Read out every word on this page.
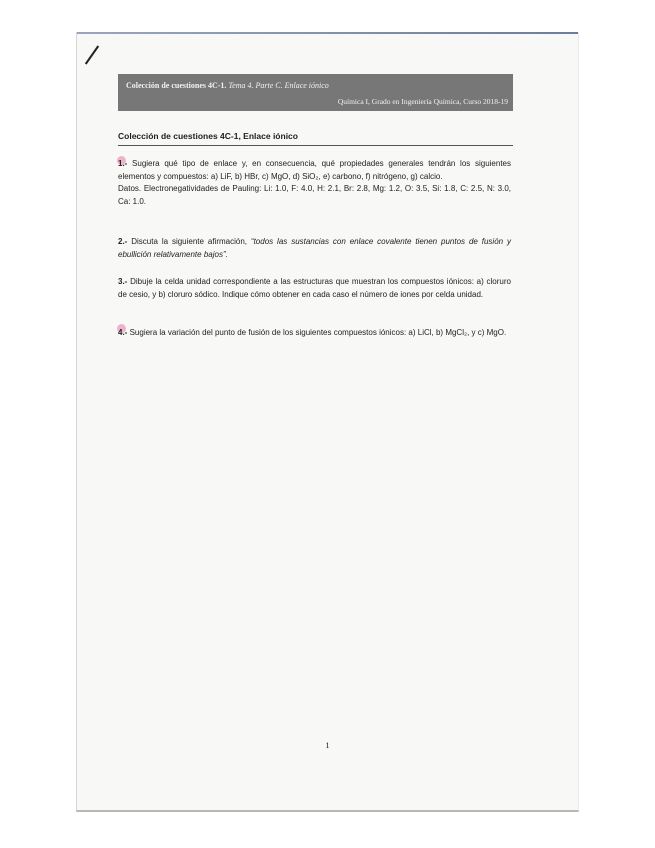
Colección de cuestiones 4C-1. Tema 4. Parte C. Enlace iónico
Química I, Grado en Ingeniería Química, Curso 2018-19
Colección de cuestiones 4C-1, Enlace iónico
1.- Sugiera qué tipo de enlace y, en consecuencia, qué propiedades generales tendrán los siguientes elementos y compuestos: a) LiF, b) HBr, c) MgO, d) SiO₂, e) carbono, f) nitrógeno, g) calcio.
Datos. Electronegatividades de Pauling: Li: 1.0, F: 4.0, H: 2.1, Br: 2.8, Mg: 1.2, O: 3.5, Si: 1.8, C: 2.5, N: 3.0, Ca: 1.0.
2.- Discuta la siguiente afirmación, “todos las sustancias con enlace covalente tienen puntos de fusión y ebullición relativamente bajos”.
3.- Dibuje la celda unidad correspondiente a las estructuras que muestran los compuestos iónicos: a) cloruro de cesio, y b) cloruro sódico. Indique cómo obtener en cada caso el número de iones por celda unidad.
4.- Sugiera la variación del punto de fusión de los siguientes compuestos iónicos: a) LiCl, b) MgCl₂, y c) MgO.
1
